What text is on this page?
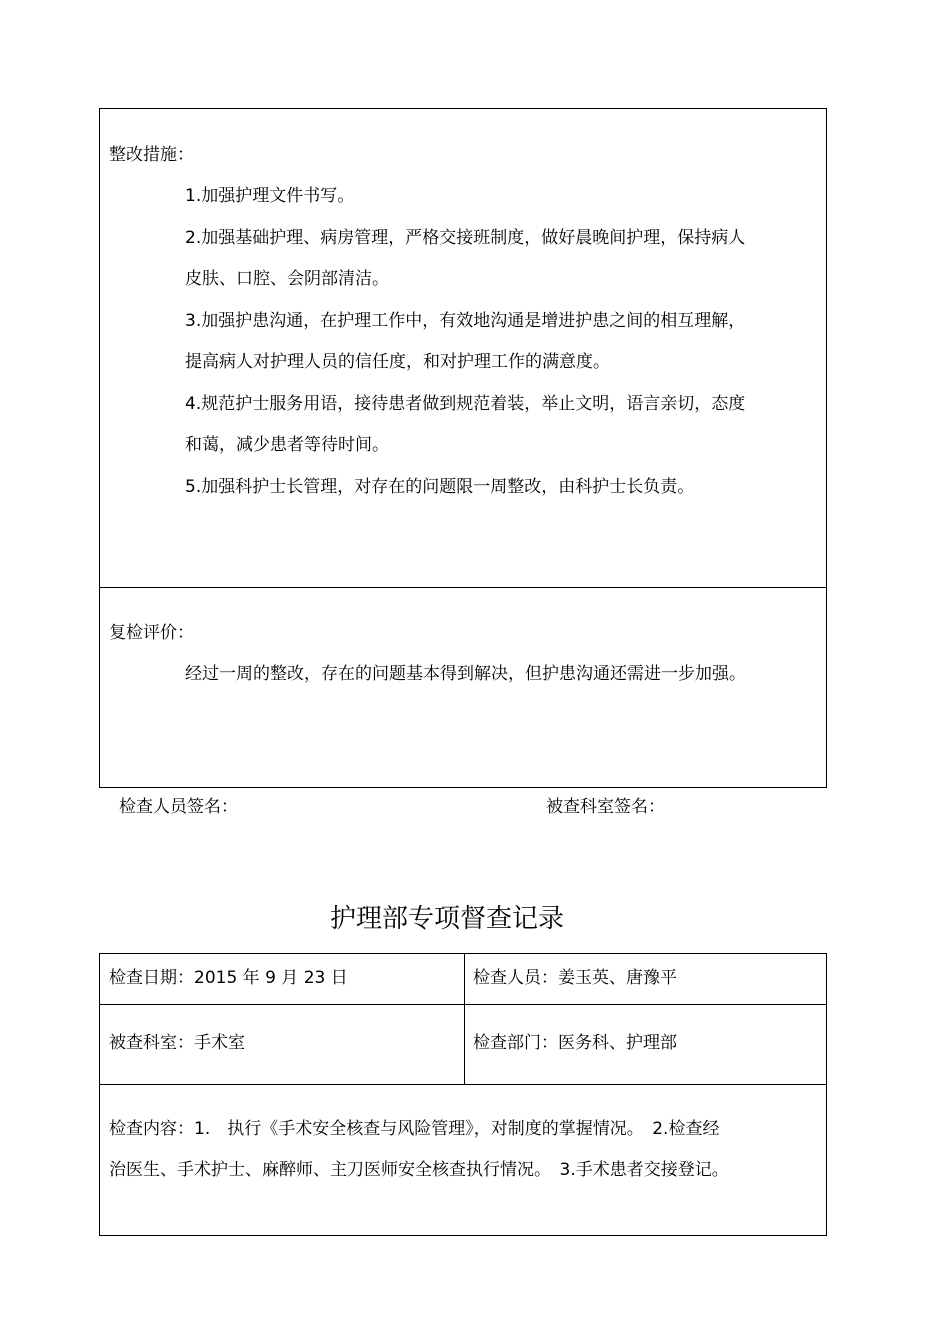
整改措施：
1.加强护理文件书写。
2.加强基础护理、病房管理，严格交接班制度，做好晨晚间护理，保持病人
皮肤、口腔、会阴部清洁。
3.加强护患沟通，在护理工作中，有效地沟通是增进护患之间的相互理解，
提高病人对护理人员的信任度，和对护理工作的满意度。
4.规范护士服务用语，接待患者做到规范着装，举止文明，语言亲切，态度
和蔼，减少患者等待时间。
5.加强科护士长管理，对存在的问题限一周整改，由科护士长负责。
复检评价：
经过一周的整改，存在的问题基本得到解决，但护患沟通还需进一步加强。
检查人员签名：	被查科室签名：
护理部专项督查记录
检查日期：2015 年 9 月 23 日	检查人员：姜玉英、唐豫平
被查科室：手术室	检查部门：医务科、护理部
检查内容：1.　执行《手术安全核查与风险管理》，对制度的掌握情况。　2.检查经
治医生、手术护士、麻醉师、主刀医师安全核查执行情况。　3.手术患者交接登记。
